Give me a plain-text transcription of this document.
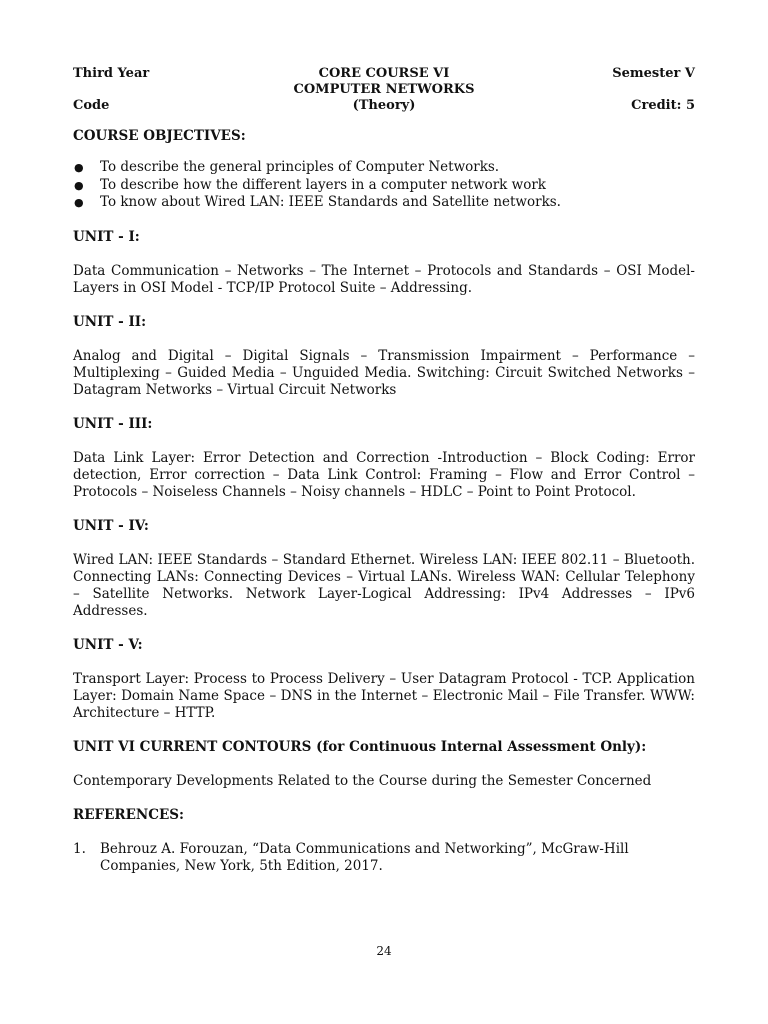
Third Year	CORE COURSE VI	Semester V
COMPUTER NETWORKS
Code	(Theory)	Credit: 5
COURSE OBJECTIVES:
● To describe the general principles of Computer Networks.
● To describe how the different layers in a computer network work
● To know about Wired LAN: IEEE Standards and Satellite networks.
UNIT - I:

Data Communication – Networks – The Internet – Protocols and Standards – OSI Model- Layers in OSI Model - TCP/IP Protocol Suite – Addressing.

UNIT - II:

Analog and Digital – Digital Signals – Transmission Impairment – Performance – Multiplexing – Guided Media – Unguided Media. Switching: Circuit Switched Networks – Datagram Networks – Virtual Circuit Networks

UNIT - III:

Data Link Layer: Error Detection and Correction -Introduction – Block Coding: Error detection, Error correction – Data Link Control: Framing – Flow and Error Control – Protocols – Noiseless Channels – Noisy channels – HDLC – Point to Point Protocol.

UNIT - IV:

Wired LAN: IEEE Standards – Standard Ethernet. Wireless LAN: IEEE 802.11 – Bluetooth. Connecting LANs: Connecting Devices – Virtual LANs. Wireless WAN: Cellular Telephony – Satellite Networks. Network Layer-Logical Addressing: IPv4 Addresses – IPv6 Addresses.

UNIT - V:

Transport Layer: Process to Process Delivery – User Datagram Protocol - TCP. Application Layer: Domain Name Space – DNS in the Internet – Electronic Mail – File Transfer. WWW: Architecture – HTTP.

UNIT VI CURRENT CONTOURS (for Continuous Internal Assessment Only):

Contemporary Developments Related to the Course during the Semester Concerned

REFERENCES:
1. Behrouz A. Forouzan, “Data Communications and Networking”, McGraw-Hill Companies, New York, 5th Edition, 2017.
24
